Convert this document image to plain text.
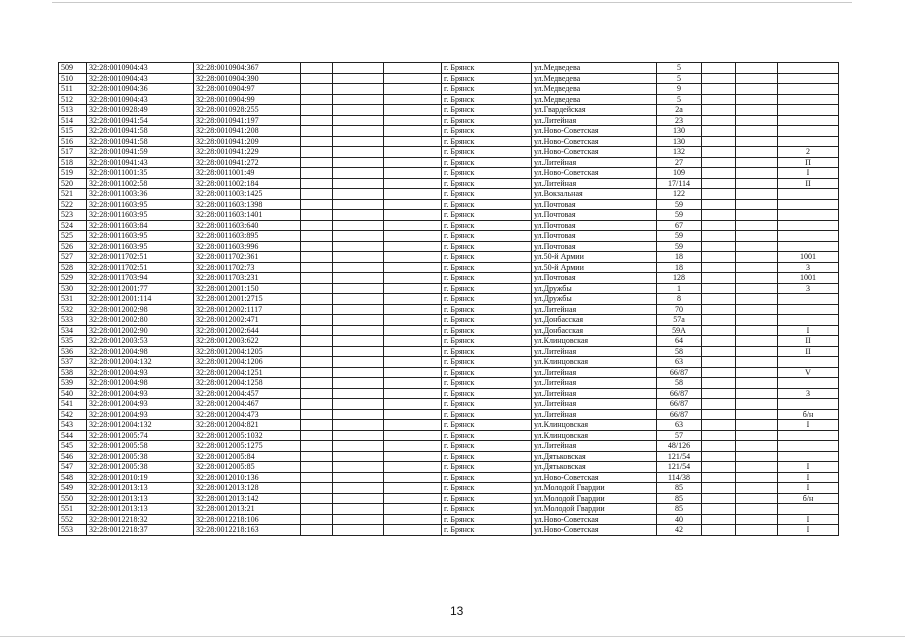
509	32:28:0010904:43	32:28:0010904:367				г. Брянск	ул.Медведева	5			
510	32:28:0010904:43	32:28:0010904:390				г. Брянск	ул.Медведева	5			
511	32:28:0010904:36	32:28:0010904:97				г. Брянск	ул.Медведева	9			
512	32:28:0010904:43	32:28:0010904:99				г. Брянск	ул.Медведева	5			
513	32:28:0010928:49	32:28:0010928:255				г. Брянск	ул.Гвардейская	2а			
514	32:28:0010941:54	32:28:0010941:197				г. Брянск	ул.Литейная	23			
515	32:28:0010941:58	32:28:0010941:208				г. Брянск	ул.Ново-Советская	130			
516	32:28:0010941:58	32:28:0010941:209				г. Брянск	ул.Ново-Советская	130			
517	32:28:0010941:59	32:28:0010941:229				г. Брянск	ул.Ново-Советская	132			2
518	32:28:0010941:43	32:28:0010941:272				г. Брянск	ул.Литейная	27			П
519	32:28:0011001:35	32:28:0011001:49				г. Брянск	ул.Ново-Советская	109			I
520	32:28:0011002:58	32:28:0011002:184				г. Брянск	ул.Литейная	17/114			II
521	32:28:0011003:36	32:28:0011003:1425				г. Брянск	ул.Вокзальная	122			
522	32:28:0011603:95	32:28:0011603:1398				г. Брянск	ул.Почтовая	59			
523	32:28:0011603:95	32:28:0011603:1401				г. Брянск	ул.Почтовая	59			
524	32:28:0011603:84	32:28:0011603:640				г. Брянск	ул.Почтовая	67			
525	32:28:0011603:95	32:28:0011603:895				г. Брянск	ул.Почтовая	59			
526	32:28:0011603:95	32:28:0011603:996				г. Брянск	ул.Почтовая	59			
527	32:28:0011702:51	32:28:0011702:361				г. Брянск	ул.50-й Армии	18			1001
528	32:28:0011702:51	32:28:0011702:73				г. Брянск	ул.50-й Армии	18			3
529	32:28:0011703:94	32:28:0011703:231				г. Брянск	ул.Почтовая	128			1001
530	32:28:0012001:77	32:28:0012001:150				г. Брянск	ул.Дружбы	1			3
531	32:28:0012001:114	32:28:0012001:2715				г. Брянск	ул.Дружбы	8			
532	32:28:0012002:98	32:28:0012002:1117				г. Брянск	ул.Литейная	70			
533	32:28:0012002:80	32:28:0012002:471				г. Брянск	ул.Донбасская	57а			
534	32:28:0012002:90	32:28:0012002:644				г. Брянск	ул.Донбасская	59А			I
535	32:28:0012003:53	32:28:0012003:622				г. Брянск	ул.Клинцовская	64			II
536	32:28:0012004:98	32:28:0012004:1205				г. Брянск	ул.Литейная	58			II
537	32:28:0012004:132	32:28:0012004:1206				г. Брянск	ул.Клинцовская	63			
538	32:28:0012004:93	32:28:0012004:1251				г. Брянск	ул.Литейная	66/87			V
539	32:28:0012004:98	32:28:0012004:1258				г. Брянск	ул.Литейная	58			
540	32:28:0012004:93	32:28:0012004:457				г. Брянск	ул.Литейная	66/87			3
541	32:28:0012004:93	32:28:0012004:467				г. Брянск	ул.Литейная	66/87			
542	32:28:0012004:93	32:28:0012004:473				г. Брянск	ул.Литейная	66/87			б/н
543	32:28:0012004:132	32:28:0012004:821				г. Брянск	ул.Клинцовская	63			I
544	32:28:0012005:74	32:28:0012005:1032				г. Брянск	ул.Клинцовская	57			
545	32:28:0012005:58	32:28:0012005:1275				г. Брянск	ул.Литейная	48/126			
546	32:28:0012005:38	32:28:0012005:84				г. Брянск	ул.Дятьковская	121/54			
547	32:28:0012005:38	32:28:0012005:85				г. Брянск	ул.Дятьковская	121/54			I
548	32:28:0012010:19	32:28:0012010:136				г. Брянск	ул.Ново-Советская	114/38			I
549	32:28:0012013:13	32:28:0012013:128				г. Брянск	ул.Молодой Гвардии	85			I
550	32:28:0012013:13	32:28:0012013:142				г. Брянск	ул.Молодой Гвардии	85			б/н
551	32:28:0012013:13	32:28:0012013:21				г. Брянск	ул.Молодой Гвардии	85			
552	32:28:0012218:32	32:28:0012218:106				г. Брянск	ул.Ново-Советская	40			I
553	32:28:0012218:37	32:28:0012218:163				г. Брянск	ул.Ново-Советская	42			I
13
